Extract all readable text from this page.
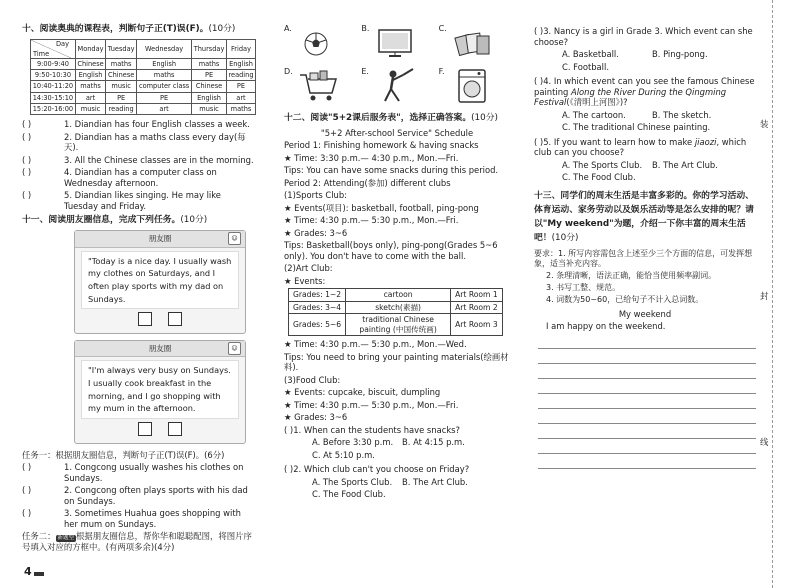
十、阅读奥典的课程表，判断句子正(T)误(F)。(10分)
Day
Time	Monday	Tuesday	Wednesday	Thursday	Friday
9:00-9:40	Chinese	maths	English	maths	English
9:50-10:30	English	Chinese	maths	PE	reading
10:40-11:20	maths	music	computer class	Chinese	PE
14:30-15:10	art	PE	PE	English	art
15:20-16:00	music	reading	art	music	maths
( )	1. Diandian has four English classes a week.
( )	2. Diandian has a maths class every day(每天).
( )	3. All the Chinese classes are in the morning.
( )	4. Diandian has a computer class on Wednesday afternoon.
( )	5. Diandian likes singing. He may like Tuesday and Friday.
十一、阅读朋友圈信息，完成下列任务。(10分)
朋友圈	☺
"Today is a nice day. I usually wash my clothes on Saturdays, and I often play sports with my dad on Sundays.
朋友圈	☺
"I'm always very busy on Sundays. I usually cook breakfast in the morning, and I go shopping with my mum in the afternoon.
任务一：根据朋友圈信息，判断句子正(T)误(F)。(6分)
( )	1. Congcong usually washes his clothes on Sundays.
( )	2. Congcong often plays sports with his dad on Sundays.
( )	3. Sometimes Huahua goes shopping with her mum on Sundays.
任务二： 新题型 根据朋友圈信息，帮你华和聪聪配图，将图片序号填入对应的方框中。(有两项多余)(4分)
A.	B.	C.
D.	E.	F.
十二、阅读"5+2课后服务表"，选择正确答案。(10分)
"5+2 After-school Service" Schedule
Period 1: Finishing homework & having snacks
★ Time: 3:30 p.m.— 4:30 p.m., Mon.—Fri.
Tips: You can have some snacks during this period.
Period 2: Attending(参加) different clubs
(1)Sports Club:
★ Events(项目): basketball, football, ping-pong
★ Time: 4:30 p.m.— 5:30 p.m., Mon.—Fri.
★ Grades: 3~6
Tips: Basketball(boys only), ping-pong(Grades 5~6 only). You don't have to come with the ball.
(2)Art Club:
★ Events:
Grades: 1~2	cartoon	Art Room 1
Grades: 3~4	sketch(素描)	Art Room 2
Grades: 5~6	traditional Chinese painting (中国传统画)	Art Room 3
★ Time: 4:30 p.m.— 5:30 p.m., Mon.—Wed.
Tips: You need to bring your painting materials(绘画材料).
(3)Food Club:
★ Events: cupcake, biscuit, dumpling
★ Time: 4:30 p.m.— 5:30 p.m., Mon.—Fri.
★ Grades: 3~6
( )1. When can the students have snacks?
A. Before 3:30 p.m.	B. At 4:15 p.m.
C. At 5:10 p.m.
( )2. Which club can't you choose on Friday?
A. The Sports Club.	B. The Art Club.
C. The Food Club.
( )3. Nancy is a girl in Grade 3. Which event can she choose?
A. Basketball.	B. Ping-pong.
C. Football.
( )4. In which event can you see the famous Chinese painting Along the River During the Qingming Festival(《清明上河图》)?
A. The cartoon.	B. The sketch.
C. The traditional Chinese painting.
( )5. If you want to learn how to make jiaozi, which club can you choose?
A. The Sports Club.	B. The Art Club.
C. The Food Club.
十三、同学们的周末生活是丰富多彩的。你的学习活动、体育运动、家务劳动以及娱乐活动等是怎么安排的呢？请以"My weekend"为题，介绍一下你丰富的周末生活吧！(10分)
要求：1. 所写内容需包含上述至少三个方面的信息，可发挥想象，适当补充内容。
2. 条理清晰，语法正确，能恰当使用频率副词。
3. 书写工整、规范。
4. 词数为50~60，已给句子不计入总词数。
My weekend
I am happy on the weekend.
装
封
线
4
